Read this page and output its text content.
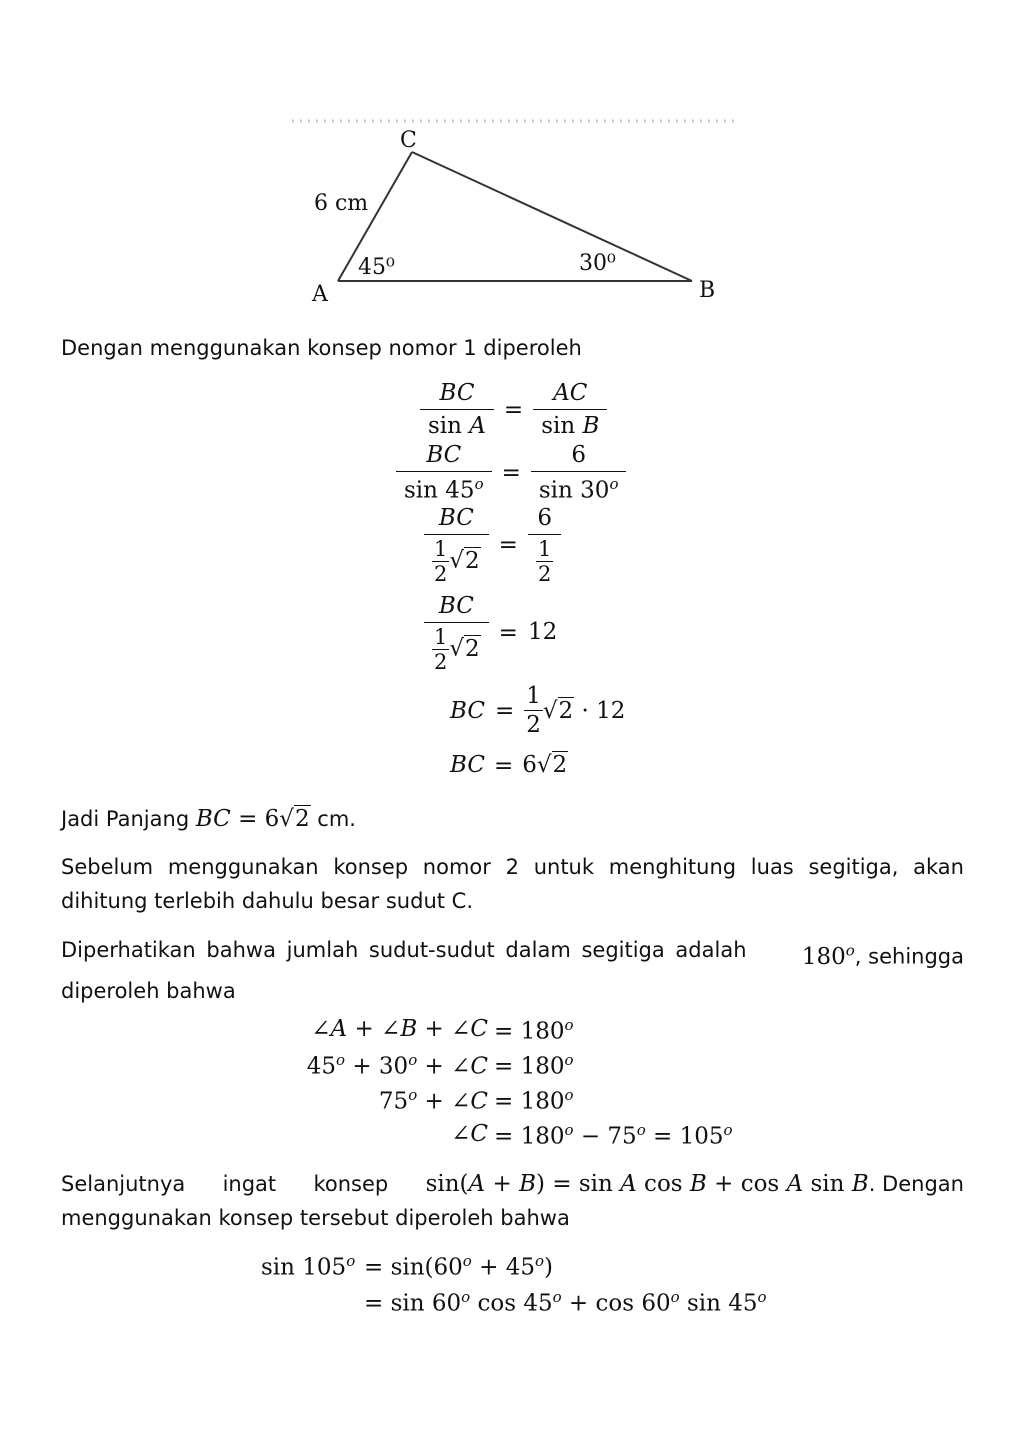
C
A	B
6 cm
45⁰	30⁰
Dengan menggunakan konsep nomor 1 diperoleh
$\frac{BC}{\text{sin A}} = \frac{AC}{\text{sin B}}$
$\frac{BC}{\sin 45^o} = \frac{6}{\sin 30^o}$
$\frac{BC}{\frac{1}{2} √2} = \frac{6}{\frac{1}{2}}$
$\frac{BC}{\frac{1}{2} √2} = 12$
BC = $\frac{1}{2}$ √ 2 · 12
BC = 6√2
Jadi Panjang BC = 6√2 cm.
Sebelum menggunakan konsep nomor 2 untuk menghitung luas segitiga, akan dihitung terlebih dahulu besar sudut C.
Diperhatikan bahwa jumlah sudut-sudut dalam segitiga adalah 180$^o$, sehingga
diperoleh bahwa
∠A + ∠B + ∠C = $180^o$
$45^o + 30^o$ + ∠C = $180^o$
$75^o$ + ∠C = $180^o$
∠C = $180^o - 75^o = 105^o$
Selanjutnya ingat konsep sin(A + B) = sin A cos B + cos A sin B. Dengan
menggunakan konsep tersebut diperoleh bahwa
$\sin 105^o = \sin(60^o + 45^o)$
= sin 60$^o$ $\cos 45^o + \cos 60^o$ sin 45$^o$
